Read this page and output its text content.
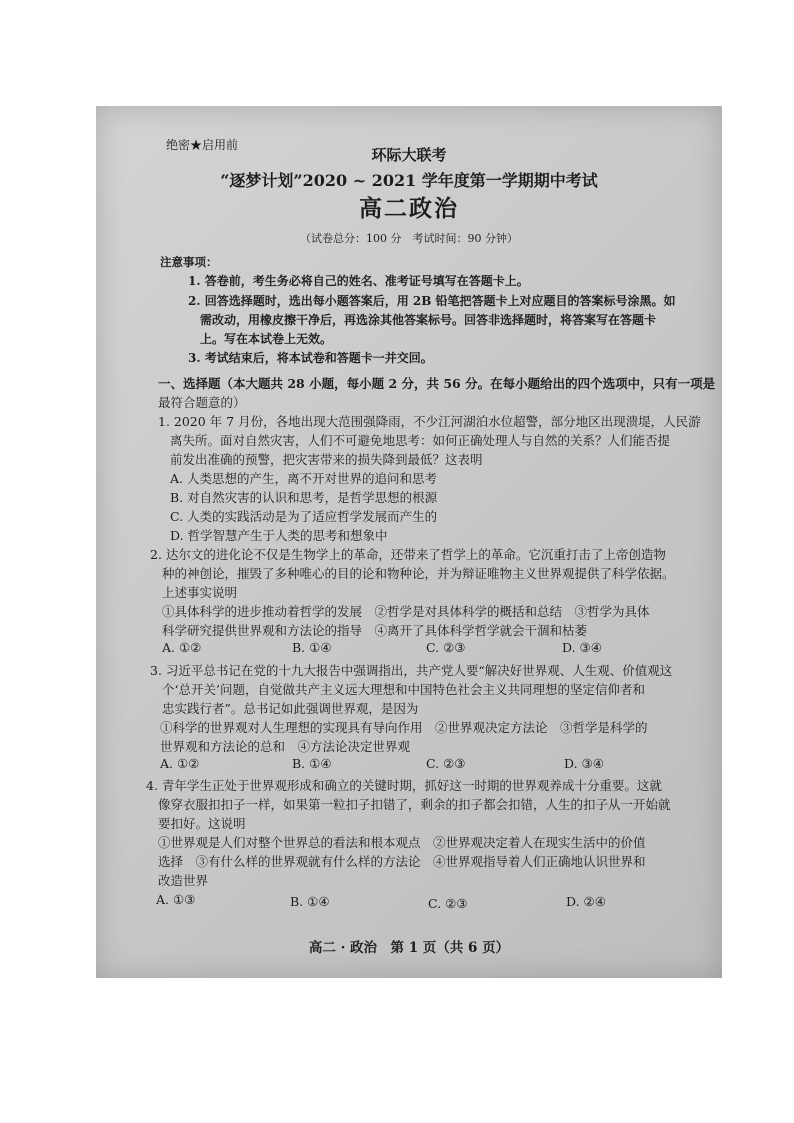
绝密★启用前
环际大联考
“逐梦计划”2020 ~ 2021 学年度第一学期期中考试
高二政治
（试卷总分：100 分　考试时间：90 分钟）
注意事项：
1. 答卷前，考生务必将自己的姓名、准考证号填写在答题卡上。
2. 回答选择题时，选出每小题答案后，用 2B 铅笔把答题卡上对应题目的答案标号涂黑。如
需改动，用橡皮擦干净后，再选涂其他答案标号。回答非选择题时，将答案写在答题卡
上。写在本试卷上无效。
3. 考试结束后，将本试卷和答题卡一并交回。
一、选择题（本大题共 28 小题，每小题 2 分，共 56 分。在每小题给出的四个选项中，只有一项是
最符合题意的）
1. 2020 年 7 月份，各地出现大范围强降雨，不少江河湖泊水位超警，部分地区出现溃堤，人民游
离失所。面对自然灾害，人们不可避免地思考：如何正确处理人与自然的关系？人们能否提
前发出准确的预警，把灾害带来的损失降到最低？这表明
A. 人类思想的产生，离不开对世界的追问和思考
B. 对自然灾害的认识和思考，是哲学思想的根源
C. 人类的实践活动是为了适应哲学发展而产生的
D. 哲学智慧产生于人类的思考和想象中
2. 达尔文的进化论不仅是生物学上的革命，还带来了哲学上的革命。它沉重打击了上帝创造物
种的神创论，摧毁了多种唯心的目的论和物种论，并为辩证唯物主义世界观提供了科学依据。
上述事实说明
①具体科学的进步推动着哲学的发展　②哲学是对具体科学的概括和总结　③哲学为具体
科学研究提供世界观和方法论的指导　④离开了具体科学哲学就会干涸和枯萎
A. ①②	B. ①④	C. ②③	D. ③④
3. 习近平总书记在党的十九大报告中强调指出，共产党人要“解决好世界观、人生观、价值观这
个‘总开关’问题，自觉做共产主义远大理想和中国特色社会主义共同理想的坚定信仰者和
忠实践行者”。总书记如此强调世界观，是因为
①科学的世界观对人生理想的实现具有导向作用　②世界观决定方法论　③哲学是科学的
世界观和方法论的总和　④方法论决定世界观
A. ①②	B. ①④	C. ②③	D. ③④
4. 青年学生正处于世界观形成和确立的关键时期，抓好这一时期的世界观养成十分重要。这就
像穿衣服扣扣子一样，如果第一粒扣子扣错了，剩余的扣子都会扣错，人生的扣子从一开始就
要扣好。这说明
①世界观是人们对整个世界总的看法和根本观点　②世界观决定着人在现实生活中的价值
选择　③有什么样的世界观就有什么样的方法论　④世界观指导着人们正确地认识世界和
改造世界
A. ①③	B. ①④	C. ②③	D. ②④
高二 · 政治　第 1 页（共 6 页）
